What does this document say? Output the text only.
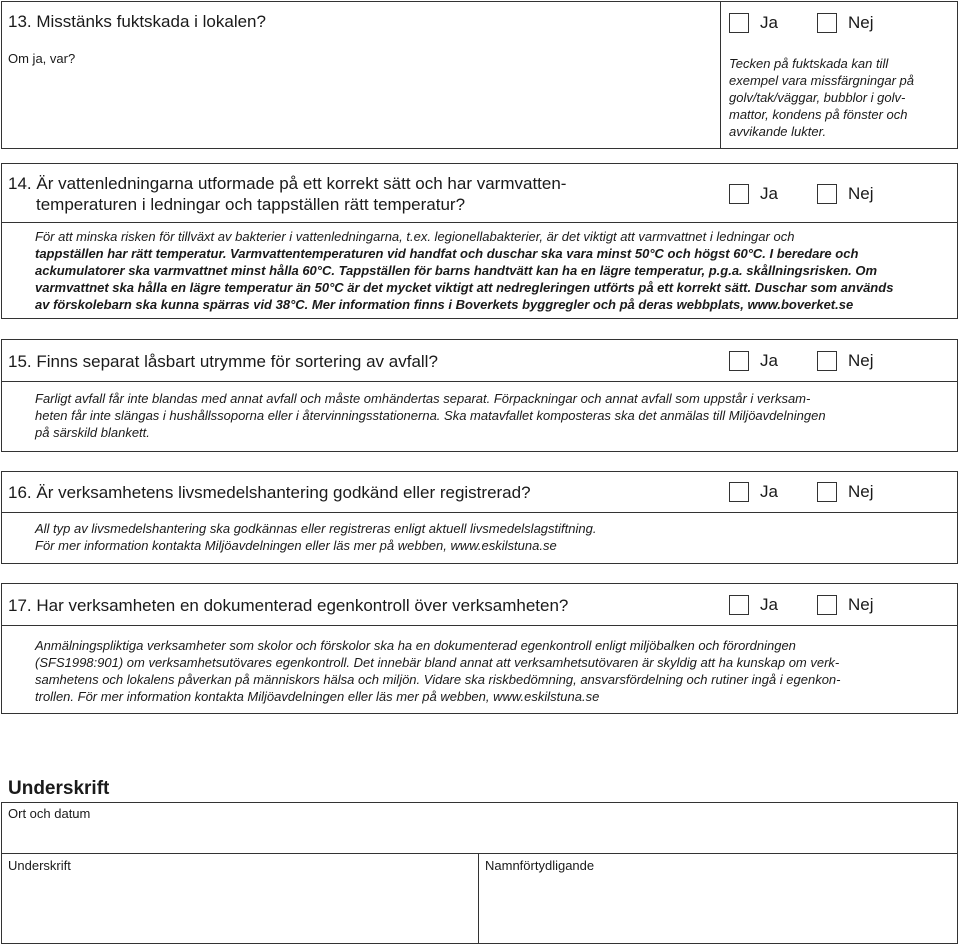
13. Misstänks fuktskada i lokalen?
Om ja, var?
Ja	Nej
Tecken på fuktskada kan till
exempel vara missfärgningar på
golv/tak/väggar, bubblor i golv-
mattor, kondens på fönster och
avvikande lukter.
14. Är vattenledningarna utformade på ett korrekt sätt och har varmvatten-
temperaturen i ledningar och tappställen rätt temperatur?
Ja	Nej
För att minska risken för tillväxt av bakterier i vattenledningarna, t.ex. legionellabakterier, är det viktigt att varmvattnet i ledningar och
tappställen har rätt temperatur. Varmvattentemperaturen vid handfat och duschar ska vara minst 50°C och högst 60°C. I beredare och
ackumulatorer ska varmvattnet minst hålla 60°C. Tappställen för barns handtvätt kan ha en lägre temperatur, p.g.a. skållningsrisken. Om
varmvattnet ska hålla en lägre temperatur än 50°C är det mycket viktigt att nedregleringen utförts på ett korrekt sätt. Duschar som används
av förskolebarn ska kunna spärras vid 38°C. Mer information finns i Boverkets byggregler och på deras webbplats, www.boverket.se
15. Finns separat låsbart utrymme för sortering av avfall?	Ja	Nej
Farligt avfall får inte blandas med annat avfall och måste omhändertas separat. Förpackningar och annat avfall som uppstår i verksam-
heten får inte slängas i hushållssoporna eller i återvinningsstationerna. Ska matavfallet komposteras ska det anmälas till Miljöavdelningen
på särskild blankett.
16. Är verksamhetens livsmedelshantering godkänd eller registrerad?	Ja	Nej
All typ av livsmedelshantering ska godkännas eller registreras enligt aktuell livsmedelslagstiftning.
För mer information kontakta Miljöavdelningen eller läs mer på webben, www.eskilstuna.se
17. Har verksamheten en dokumenterad egenkontroll över verksamheten?	Ja	Nej
Anmälningspliktiga verksamheter som skolor och förskolor ska ha en dokumenterad egenkontroll enligt miljöbalken och förordningen
(SFS1998:901) om verksamhetsutövares egenkontroll. Det innebär bland annat att verksamhetsutövaren är skyldig att ha kunskap om verk-
samhetens och lokalens påverkan på människors hälsa och miljön. Vidare ska riskbedömning, ansvarsfördelning och rutiner ingå i egenkon-
trollen. För mer information kontakta Miljöavdelningen eller läs mer på webben, www.eskilstuna.se
Underskrift
Ort och datum
Underskrift	Namnförtydligande
